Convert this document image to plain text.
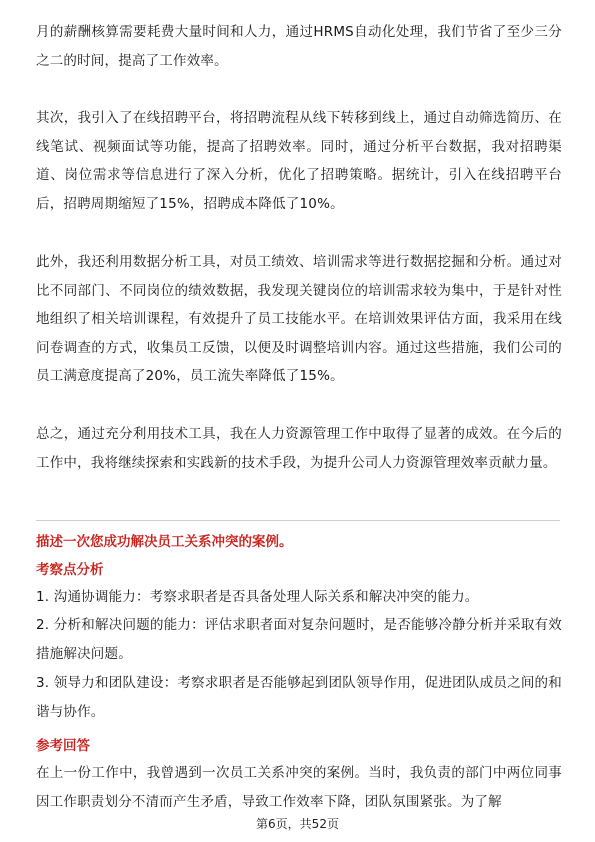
月的薪酬核算需要耗费大量时间和人力，通过HRMS自动化处理，我们节省了至少三分之二的时间，提高了工作效率。

其次，我引入了在线招聘平台，将招聘流程从线下转移到线上，通过自动筛选简历、在线笔试、视频面试等功能，提高了招聘效率。同时，通过分析平台数据，我对招聘渠道、岗位需求等信息进行了深入分析，优化了招聘策略。据统计，引入在线招聘平台后，招聘周期缩短了15%，招聘成本降低了10%。

此外，我还利用数据分析工具，对员工绩效、培训需求等进行数据挖掘和分析。通过对比不同部门、不同岗位的绩效数据，我发现关键岗位的培训需求较为集中，于是针对性地组织了相关培训课程，有效提升了员工技能水平。在培训效果评估方面，我采用在线问卷调查的方式，收集员工反馈，以便及时调整培训内容。通过这些措施，我们公司的员工满意度提高了20%，员工流失率降低了15%。

总之，通过充分利用技术工具，我在人力资源管理工作中取得了显著的成效。在今后的工作中，我将继续探索和实践新的技术手段，为提升公司人力资源管理效率贡献力量。

描述一次您成功解决员工关系冲突的案例。
考察点分析

1. 沟通协调能力：考察求职者是否具备处理人际关系和解决冲突的能力。

2. 分析和解决问题的能力：评估求职者面对复杂问题时，是否能够冷静分析并采取有效措施解决问题。

3. 领导力和团队建设：考察求职者是否能够起到团队领导作用，促进团队成员之间的和谐与协作。

参考回答

在上一份工作中，我曾遇到一次员工关系冲突的案例。当时，我负责的部门中两位同事因工作职责划分不清而产生矛盾，导致工作效率下降，团队氛围紧张。为了解

第6页，共52页
